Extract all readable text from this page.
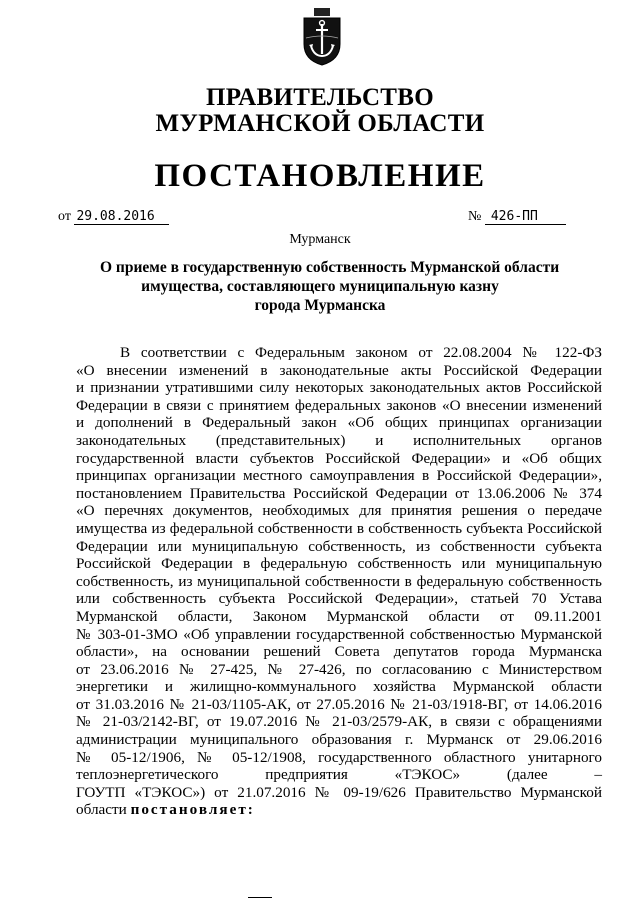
ПРАВИТЕЛЬСТВО
МУРМАНСКОЙ ОБЛАСТИ
ПОСТАНОВЛЕНИЕ
от 29.08.2016	№ 426-ПП
Мурманск
О приеме в государственную собственность Мурманской области
имущества, составляющего муниципальную казну
города Мурманска
В соответствии с Федеральным законом от 22.08.2004 № 122-ФЗ
«О внесении изменений в законодательные акты Российской Федерации
и признании утратившими силу некоторых законодательных актов Российской
Федерации в связи с принятием федеральных законов «О внесении изменений
и дополнений в Федеральный закон «Об общих принципах организации
законодательных (представительных) и исполнительных органов
государственной власти субъектов Российской Федерации» и «Об общих
принципах организации местного самоуправления в Российской Федерации»,
постановлением Правительства Российской Федерации от 13.06.2006 № 374
«О перечнях документов, необходимых для принятия решения о передаче
имущества из федеральной собственности в собственность субъекта Российской
Федерации или муниципальную собственность, из собственности субъекта
Российской Федерации в федеральную собственность или муниципальную
собственность, из муниципальной собственности в федеральную собственность
или собственность субъекта Российской Федерации», статьей 70 Устава
Мурманской области, Законом Мурманской области от 09.11.2001
№ 303-01-ЗМО «Об управлении государственной собственностью Мурманской
области», на основании решений Совета депутатов города Мурманска
от 23.06.2016 № 27-425, № 27-426, по согласованию с Министерством
энергетики и жилищно-коммунального хозяйства Мурманской области
от 31.03.2016 № 21-03/1105-АК, от 27.05.2016 № 21-03/1918-ВГ, от 14.06.2016
№ 21-03/2142-ВГ, от 19.07.2016 № 21-03/2579-АК, в связи с обращениями
администрации муниципального образования г. Мурманск от 29.06.2016
№ 05-12/1906, № 05-12/1908, государственного областного унитарного
теплоэнергетического предприятия «ТЭКОС» (далее –
ГОУТП «ТЭКОС») от 21.07.2016 № 09-19/626 Правительство Мурманской
области постановляет:
